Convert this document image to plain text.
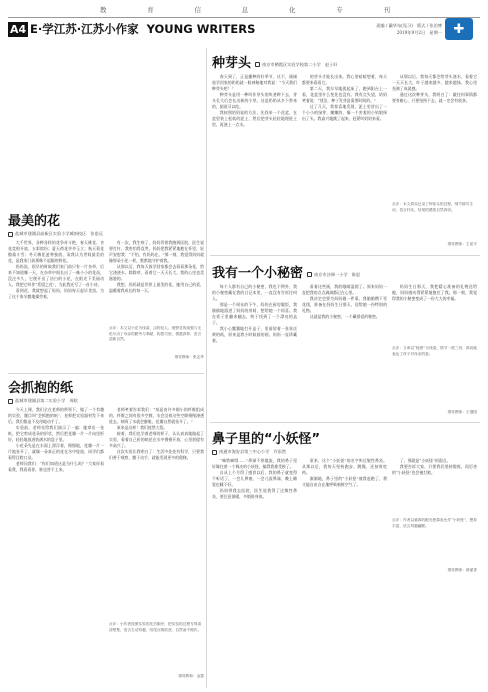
教	育	信	息	化	专	刊
A4 E·学江苏·江苏小作家 YOUNG WRITERS	责编 / 戴华东(见习)　版式 / 张治博
2019年9月2日　星期一 ✚
最美的花
盐城市建湖县高新区实验小学城南校区　张思远

大千世界，各种各样的花争奇斗艳，春天桃花、杏花竞相开放，五彩缤纷；夏天荷花亭亭玉立；秋天菊花傲霜斗雪；冬天梅花凌寒独放，而我认为世间最美的花，是我家门前那株不起眼的野花。

妈妈说，很早的时候我们家门前只有一片杂草，后来不知道哪一天，在杂草中间长出了一株小小的花苗，没过多久，它便开出了洁白的小花，在阳光下美丽动人，我把它叫作“希望之花”，为此我还写了一首小诗。

看到花，我就想起了妈妈，妈妈每天起早贪黑，为了这个家辛勤地操劳着。

有一次，我生病了，妈妈背着我跑到医院，医生说要打针，我害怕得直哭，妈妈把我紧紧地抱在怀里，轻声安慰我：“不怕，有妈妈在。”那一刻，我觉得妈妈就像那朵小花一样，默默地守护着我。

从那以后，我每天放学回家都会去看看那朵花，给它浇浇水、除除草，看着它一天天长大，我的心里也美滋滋的。

我想，妈妈就是世界上最美的花，她用自己的爱，温暖着我成长的每一天。

点评：本文以小花为线索，由物及人，借野花的顽强与无私写出了母亲的勤劳与奉献，构思巧妙，情感真挚，语言清新自然。
指导教师：张志华
会抓抱的纸
盐城市建湖县第二实验小学　周晗

今天上课，我们全在老师的带领下，做了一个有趣的实验，题目叫“会抓抱的纸”，老师把实验器材发下来后，我们都迫不及待地动手了。

实验前，老师先给我们演示了一遍：她拿出一张纸，把它剪成花朵的形状，然后把花瓣一片一片向里折好，轻轻地放进装满水的盘子里。

小花朵先是在水面上漂浮着，慢慢地，花瓣一片一片地张开了，就像一朵真正的花在水中绽放，同学们都看得目瞪口呆。

老师问我们：“你们知道这是为什么吗？”大家你看看我，我看看你，谁也答不上来。

老师笑着告诉我们：“纸是由许多细小的纤维组成的，纤维之间有很多空隙，水会沿着这些空隙慢慢渗透进去，纸吸了水就会膨胀，花瓣自然就张开了。”

原来是这样！我们恍然大悟。

接着，我们也学着老师的样子，认认真真地做起了实验，看着自己折的纸花在水中慢慢开放，心里别提有多高兴了。

这次实验让我明白了：生活中处处有科学，只要我们善于观察，勤于动手，就能发现更多的奥秘。

点评：小作者按照实验的先后顺序，把实验的过程写得清清楚楚，语言生动有趣，结尾点明收获，自然而不做作。
指导教师：金蔷
种芽头	南京市栖霞区实验学校第二小学　赵子轩

春天到了，正是播种的好季节，这不，刚刚放学回家的奶奶就一脸神秘地对我说：“今天我们种芽头吧！”

种芽头是用一种叫作芽头的块茎种下去，芽头长大后会长出新的小芽。这是奶奶从乡下带来的，据说可以吃。

我按照奶奶说的方法，先找来一个花盆，在盆里装上松软的泥土，然后把芽头轻轻地埋进土里，再浇上一点水。

的芽头才能长出来。我心里暗暗想着，每天都要来看看它。

第二天，我早早地就起床了，跑到阳台上一看，花盆里什么变化也没有。我有点失望，奶奶笑着说：“别急，种子发芽是需要时间的。”

过了几天，我惊喜地发现，泥土里冒出了一个小小的绿芽，嫩嫩的，像一个害羞的小姑娘探出了头。我高兴地跳了起来，赶紧叫奶奶来看。

从那以后，我每天都会给芽头浇水，看着它一天天长大，叶子越来越多，越来越绿，我心里充满了成就感。

通过这次种芽头，我明白了：做任何事情都要有耐心，只要坚持下去，就一定会有收获。

点评：本文真实记录了种芽头的过程，细节描写生动，语言朴实，结尾的感悟自然真切。
指导教师：王星平
我有一个小秘密	南京市沙洲一小学　陈思

每个人都有自己的小秘密，我也不例外，我的小秘密藏在我的日记本里，一直没有告诉任何人。

那是一个周末的下午，妈妈在厨房做饭，我偷偷地溜进了妈妈的房间，想给她一个惊喜。我在柜子里翻来翻去，终于找到了一个漂亮的盒子。

我小心翼翼地打开盒子，里面装着一张张泛黄的纸，原来是我小时候画的画，妈妈一直珍藏着。

看着这些画，我的眼睛湿润了。原来妈妈一直把我的点点滴滴都记在心里。

我决定也要为妈妈做一件事。我偷偷攒下零花钱，准备在妈妈生日那天，送给她一份特别的礼物。

这就是我的小秘密，一个藏着爱的秘密。

妈妈生日那天，我把精心准备的礼物送给她，妈妈感动得紧紧地抱住了我。那一刻，我觉得我的小秘密变成了一份大大的幸福。

点评：文章以“秘密”为线索，情节一波三折，真切地表达了孩子对母亲的爱。
指导教师：王继国
鼻子里的“小妖怪”
南通市海安县第三中心小学　许添然

“嘀嗒嘀嗒……”鼻涕不停地流，我的鼻子里好像住着一个调皮的小妖怪，搞得我难受极了。

自从上个月得了感冒以后，我的鼻子就变得不听话了，一会儿鼻塞，一会儿流鼻涕，晚上睡觉也睡不好。

妈妈带我去医院，医生说我得了过敏性鼻炎，要注意保暖，多锻炼身体。

原来，这个“小妖怪”的名字叫过敏性鼻炎。从那以后，我每天坚持跑步、跳绳，还按时吃药。

渐渐地，鼻子里的“小妖怪”被我赶跑了，我又能自由自在地呼吸新鲜空气了。

了，那就是“小妖怪”的弱点。

我要告诉大家，只要我们坚持锻炼，再厉害的“小妖怪”也会被打败。

点评：作者以童真的眼光把鼻炎比作“小妖怪”，想象丰富，语言风趣幽默。
指导教师：薛丽香
